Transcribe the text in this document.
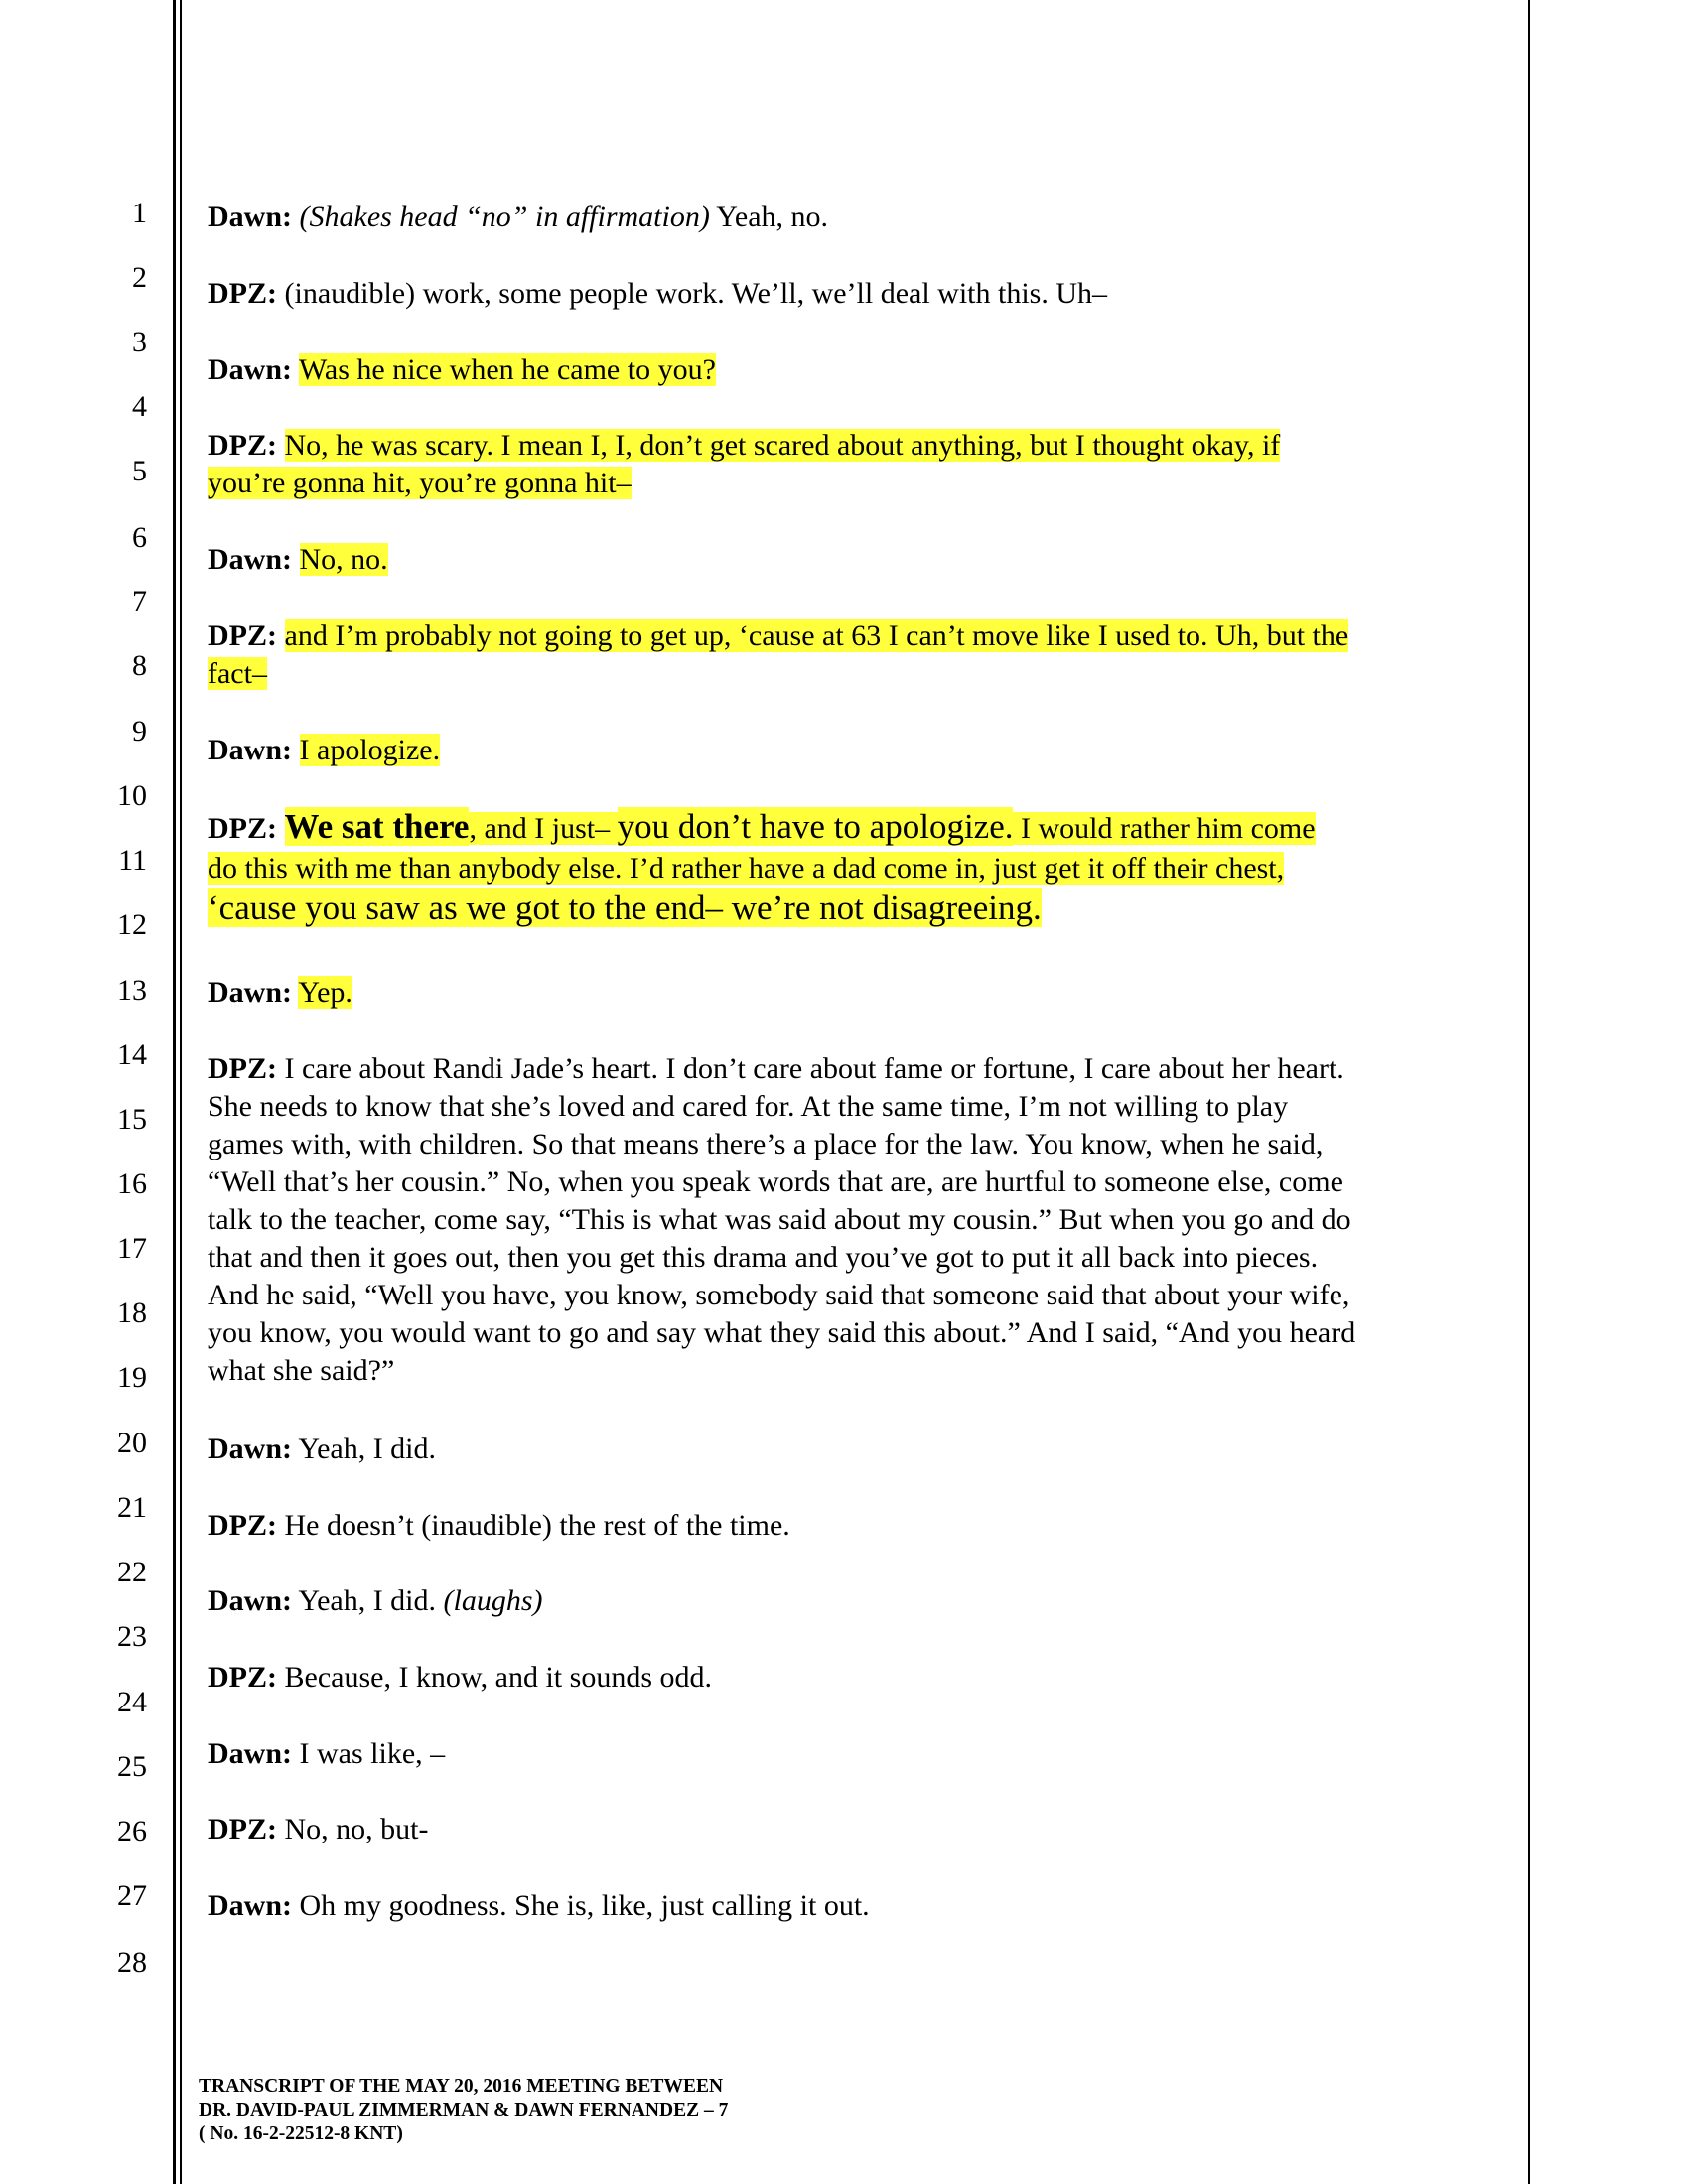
1
2
3
4
5
6
7
8
9
10
11
12
13
14
15
16
17
18
19
20
21
22
23
24
25
26
27
28
Dawn: (Shakes head “no” in affirmation) Yeah, no.
DPZ: (inaudible) work, some people work. We’ll, we’ll deal with this. Uh–
Dawn: Was he nice when he came to you?
DPZ: No, he was scary. I mean I, I, don’t get scared about anything, but I thought okay, if
you’re gonna hit, you’re gonna hit–
Dawn: No, no.
DPZ: and I’m probably not going to get up, ‘cause at 63 I can’t move like I used to. Uh, but the
fact–
Dawn: I apologize.
DPZ: We sat there, and I just– you don’t have to apologize. I would rather him come
do this with me than anybody else. I’d rather have a dad come in, just get it off their chest,
‘cause you saw as we got to the end– we’re not disagreeing.
Dawn: Yep.
DPZ: I care about Randi Jade’s heart. I don’t care about fame or fortune, I care about her heart.
She needs to know that she’s loved and cared for. At the same time, I’m not willing to play
games with, with children. So that means there’s a place for the law. You know, when he said,
“Well that’s her cousin.” No, when you speak words that are, are hurtful to someone else, come
talk to the teacher, come say, “This is what was said about my cousin.” But when you go and do
that and then it goes out, then you get this drama and you’ve got to put it all back into pieces.
And he said, “Well you have, you know, somebody said that someone said that about your wife,
you know, you would want to go and say what they said this about.” And I said, “And you heard
what she said?”
Dawn: Yeah, I did.
DPZ: He doesn’t (inaudible) the rest of the time.
Dawn: Yeah, I did. (laughs)
DPZ: Because, I know, and it sounds odd.
Dawn: I was like, –
DPZ: No, no, but-
Dawn: Oh my goodness. She is, like, just calling it out.
TRANSCRIPT OF THE MAY 20, 2016 MEETING BETWEEN
DR. DAVID-PAUL ZIMMERMAN & DAWN FERNANDEZ – 7
( No. 16-2-22512-8 KNT)
